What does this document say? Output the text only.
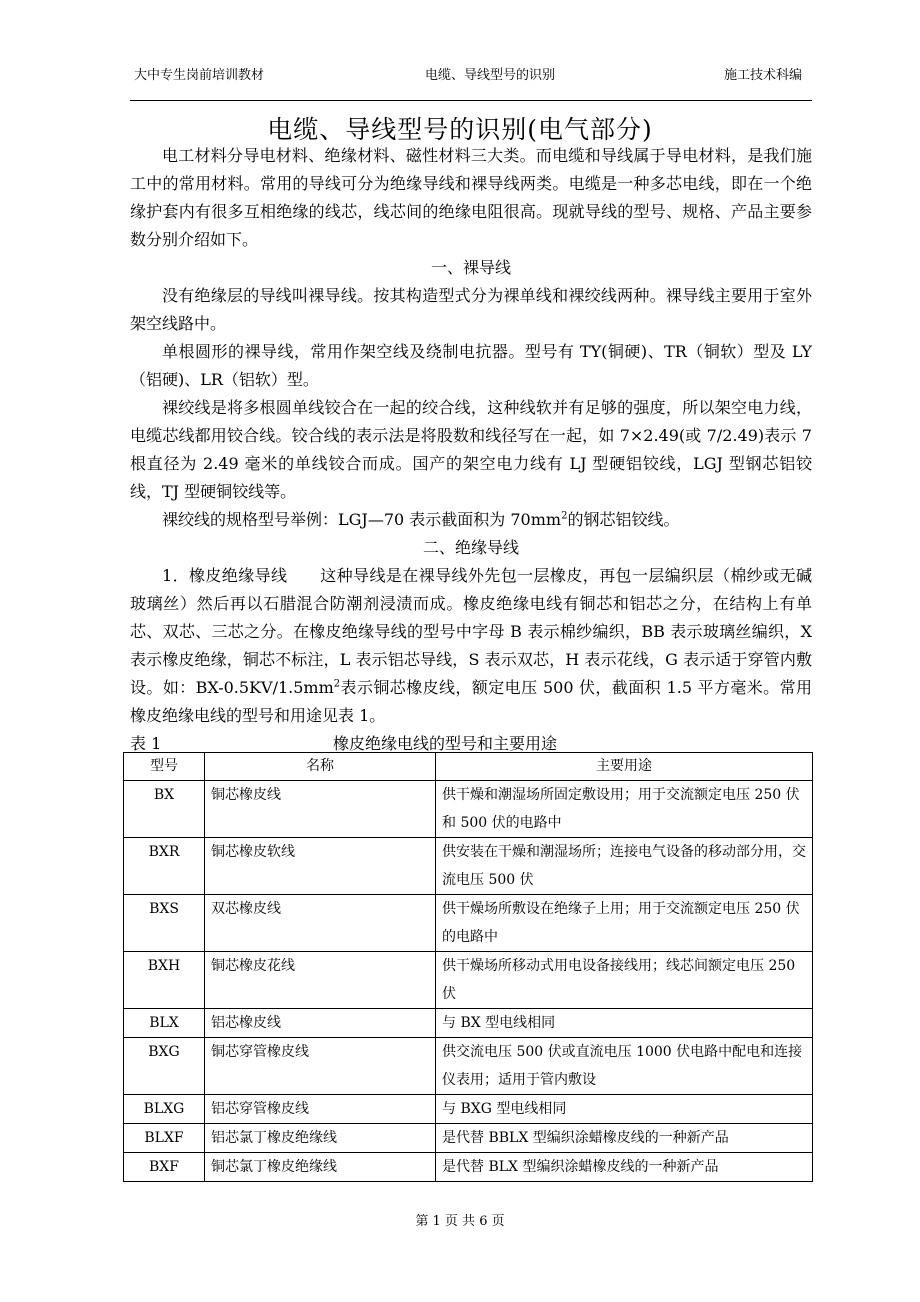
大中专生岗前培训教材	电缆、导线型号的识别	施工技术科编
电缆、导线型号的识别(电气部分)

电工材料分导电材料、绝缘材料、磁性材料三大类。而电缆和导线属于导电材料，是我们施工中的常用材料。常用的导线可分为绝缘导线和裸导线两类。电缆是一种多芯电线，即在一个绝缘护套内有很多互相绝缘的线芯，线芯间的绝缘电阻很高。现就导线的型号、规格、产品主要参数分别介绍如下。

一、裸导线

没有绝缘层的导线叫裸导线。按其构造型式分为裸单线和裸绞线两种。裸导线主要用于室外架空线路中。

单根圆形的裸导线，常用作架空线及绕制电抗器。型号有 TY(铜硬)、TR（铜软）型及 LY（铝硬)、LR（铝软）型。

裸绞线是将多根圆单线铰合在一起的绞合线，这种线软并有足够的强度，所以架空电力线，电缆芯线都用铰合线。铰合线的表示法是将股数和线径写在一起，如 7×2.49(或 7/2.49)表示 7 根直径为 2.49 毫米的单线铰合而成。国产的架空电力线有 LJ 型硬铝铰线，LGJ 型钢芯铝铰线，TJ 型硬铜铰线等。

裸绞线的规格型号举例：LGJ—70 表示截面积为 $70mm^2$的钢芯铝铰线。

二、绝缘导线

1．橡皮绝缘导线　　这种导线是在裸导线外先包一层橡皮，再包一层编织层（棉纱或无碱玻璃丝）然后再以石腊混合防潮剂浸渍而成。橡皮绝缘电线有铜芯和铝芯之分，在结构上有单芯、双芯、三芯之分。在橡皮绝缘导线的型号中字母 B 表示棉纱编织，BB 表示玻璃丝编织，X 表示橡皮绝缘，铜芯不标注，L 表示铝芯导线，S 表示双芯，H 表示花线，G 表示适于穿管内敷设。如：$BX-0.5KV/1.5mm^2$表示铜芯橡皮线，额定电压 500 伏，截面积 1.5 平方毫米。常用橡皮绝缘电线的型号和用途见表 1。

表 1	橡皮绝缘电线的型号和主要用途
型号	名称	主要用途
BX	铜芯橡皮线	供干燥和潮湿场所固定敷设用；用于交流额定电压 250 伏和 500 伏的电路中
BXR	铜芯橡皮软线	供安装在干燥和潮湿场所；连接电气设备的移动部分用，交流电压 500 伏
BXS	双芯橡皮线	供干燥场所敷设在绝缘子上用；用于交流额定电压 250 伏的电路中
BXH	铜芯橡皮花线	供干燥场所移动式用电设备接线用；线芯间额定电压 250 伏
BLX	铝芯橡皮线	与 BX 型电线相同
BXG	铜芯穿管橡皮线	供交流电压 500 伏或直流电压 1000 伏电路中配电和连接仪表用；适用于管内敷设
BLXG	铝芯穿管橡皮线	与 BXG 型电线相同
BLXF	铝芯氯丁橡皮绝缘线	是代替 BBLX 型编织涂蜡橡皮线的一种新产品
BXF	铜芯氯丁橡皮绝缘线	是代替 BLX 型编织涂蜡橡皮线的一种新产品
第 1 页 共 6 页
